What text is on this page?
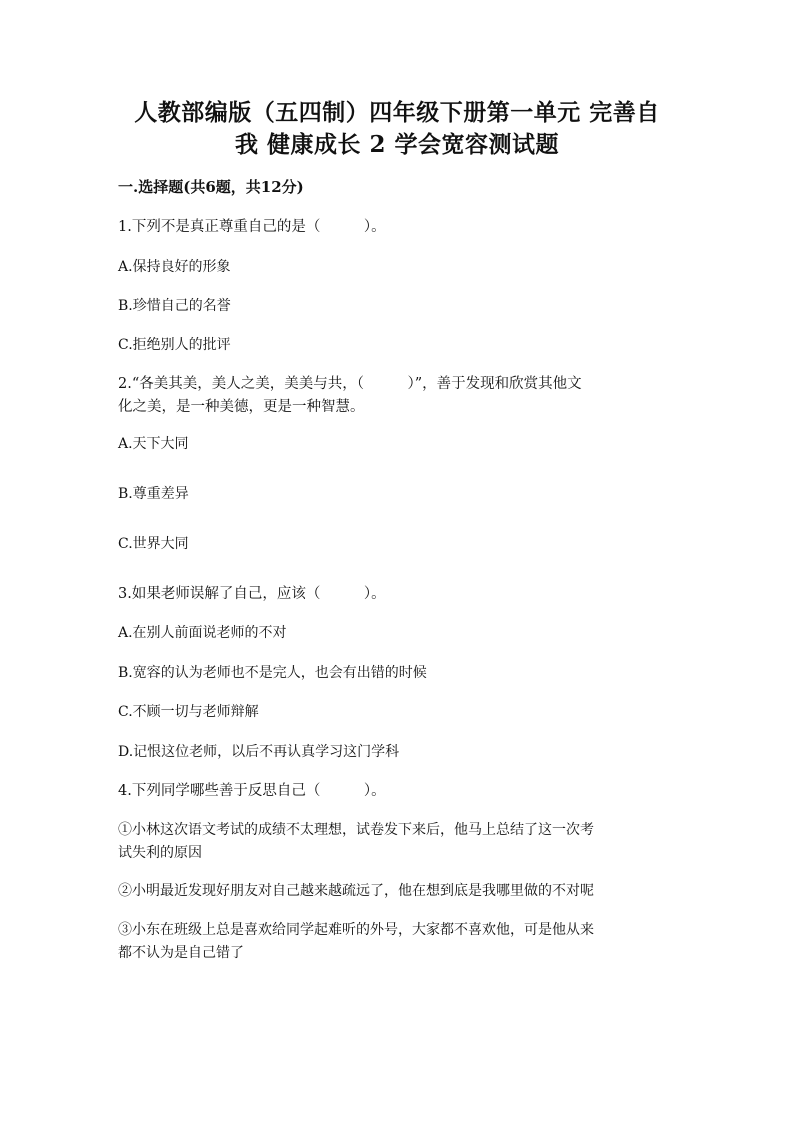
人教部编版（五四制）四年级下册第一单元 完善自
我 健康成长 2 学会宽容测试题
一.选择题(共6题，共12分)
1.下列不是真正尊重自己的是（　　　）。
A.保持良好的形象
B.珍惜自己的名誉
C.拒绝别人的批评
2.“各美其美，美人之美，美美与共，（　　　）”，善于发现和欣赏其他文
化之美，是一种美德，更是一种智慧。
A.天下大同
B.尊重差异
C.世界大同
3.如果老师误解了自己，应该（　　　）。
A.在别人前面说老师的不对
B.宽容的认为老师也不是完人，也会有出错的时候
C.不顾一切与老师辩解
D.记恨这位老师，以后不再认真学习这门学科
4.下列同学哪些善于反思自己（　　　）。
①小林这次语文考试的成绩不太理想，试卷发下来后，他马上总结了这一次考
试失利的原因
②小明最近发现好朋友对自己越来越疏远了，他在想到底是我哪里做的不对呢
③小东在班级上总是喜欢给同学起难听的外号，大家都不喜欢他，可是他从来
都不认为是自己错了
